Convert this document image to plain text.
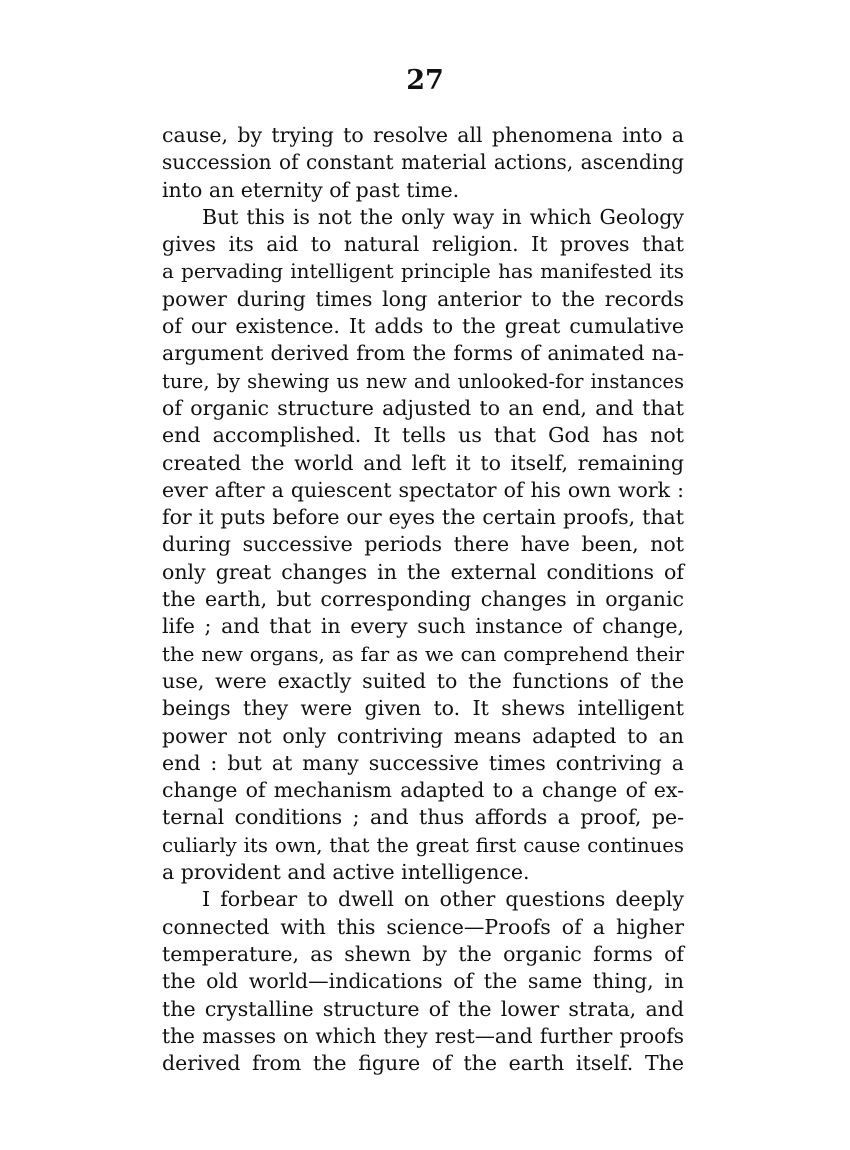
27
cause, by trying to resolve all phenomena into a
succession of constant material actions, ascending
into an eternity of past time.
But this is not the only way in which Geology
gives its aid to natural religion. It proves that
a pervading intelligent principle has manifested its
power during times long anterior to the records
of our existence. It adds to the great cumulative
argument derived from the forms of animated na-
ture, by shewing us new and unlooked-for instances
of organic structure adjusted to an end, and that
end accomplished. It tells us that God has not
created the world and left it to itself, remaining
ever after a quiescent spectator of his own work :
for it puts before our eyes the certain proofs, that
during successive periods there have been, not
only great changes in the external conditions of
the earth, but corresponding changes in organic
life ; and that in every such instance of change,
the new organs, as far as we can comprehend their
use, were exactly suited to the functions of the
beings they were given to. It shews intelligent
power not only contriving means adapted to an
end : but at many successive times contriving a
change of mechanism adapted to a change of ex-
ternal conditions ; and thus affords a proof, pe-
culiarly its own, that the great first cause continues
a provident and active intelligence.
I forbear to dwell on other questions deeply
connected with this science—Proofs of a higher
temperature, as shewn by the organic forms of
the old world—indications of the same thing, in
the crystalline structure of the lower strata, and
the masses on which they rest—and further proofs
derived from the figure of the earth itself. The
